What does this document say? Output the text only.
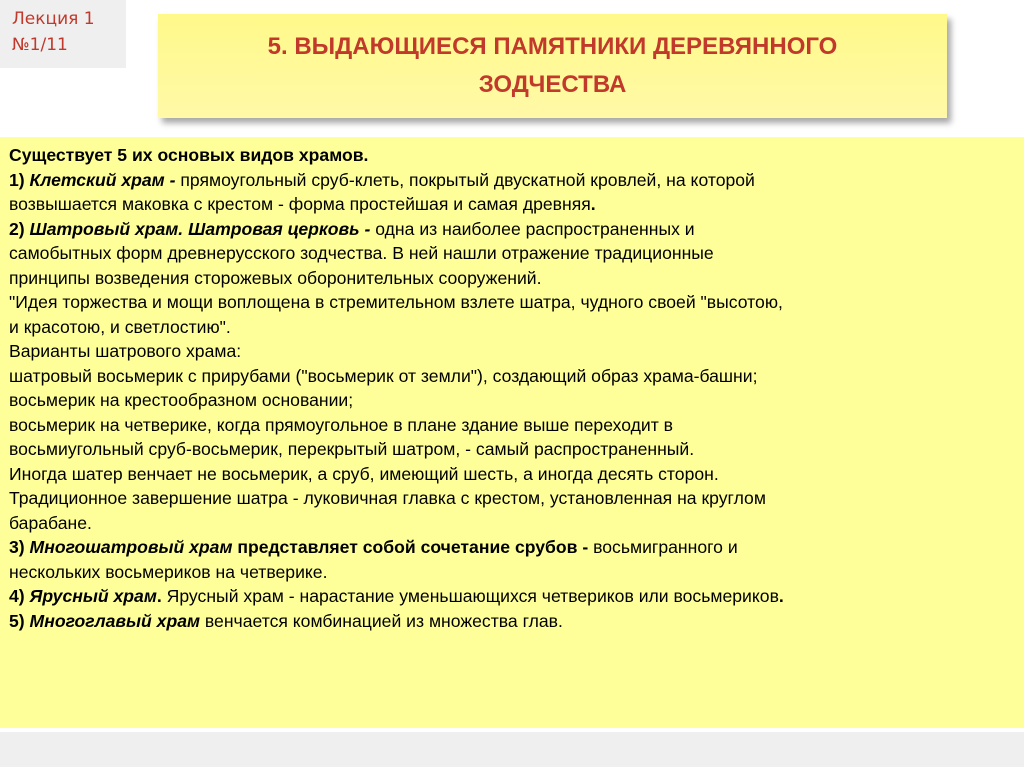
Лекция 1
№1/11	5. ВЫДАЮЩИЕСЯ ПАМЯТНИКИ ДЕРЕВЯННОГО
ЗОДЧЕСТВА

Существует 5 их основых видов храмов.

1) Клетский храм - прямоугольный сруб-клеть, покрытый двускатной кровлей, на которой

возвышается маковка с крестом - форма простейшая и самая древняя.

2) Шатровый храм. Шатровая церковь - одна из наиболее распространенных и

самобытных форм древнерусского зодчества. В ней нашли отражение традиционные

принципы возведения сторожевых оборонительных сооружений.

"Идея торжества и мощи воплощена в стремительном взлете шатра, чудного своей "высотою,

и красотою, и светлостию".

Варианты шатрового храма:

шатровый восьмерик с прирубами ("восьмерик от земли"), создающий образ храма-башни;

восьмерик на крестообразном основании;

восьмерик на четверике, когда прямоугольное в плане здание выше переходит в

восьмиугольный сруб-восьмерик, перекрытый шатром, - самый распространенный.

Иногда шатер венчает не восьмерик, а сруб, имеющий шесть, а иногда десять сторон.

Традиционное завершение шатра - луковичная главка с крестом, установленная на круглом

барабане.

3) Многошатровый храм представляет собой сочетание срубов - восьмигранного и

нескольких восьмериков на четверике.

4) Ярусный храм. Ярусный храм - нарастание уменьшающихся четвериков или восьмериков.

5) Многоглавый храм венчается комбинацией из множества глав.
